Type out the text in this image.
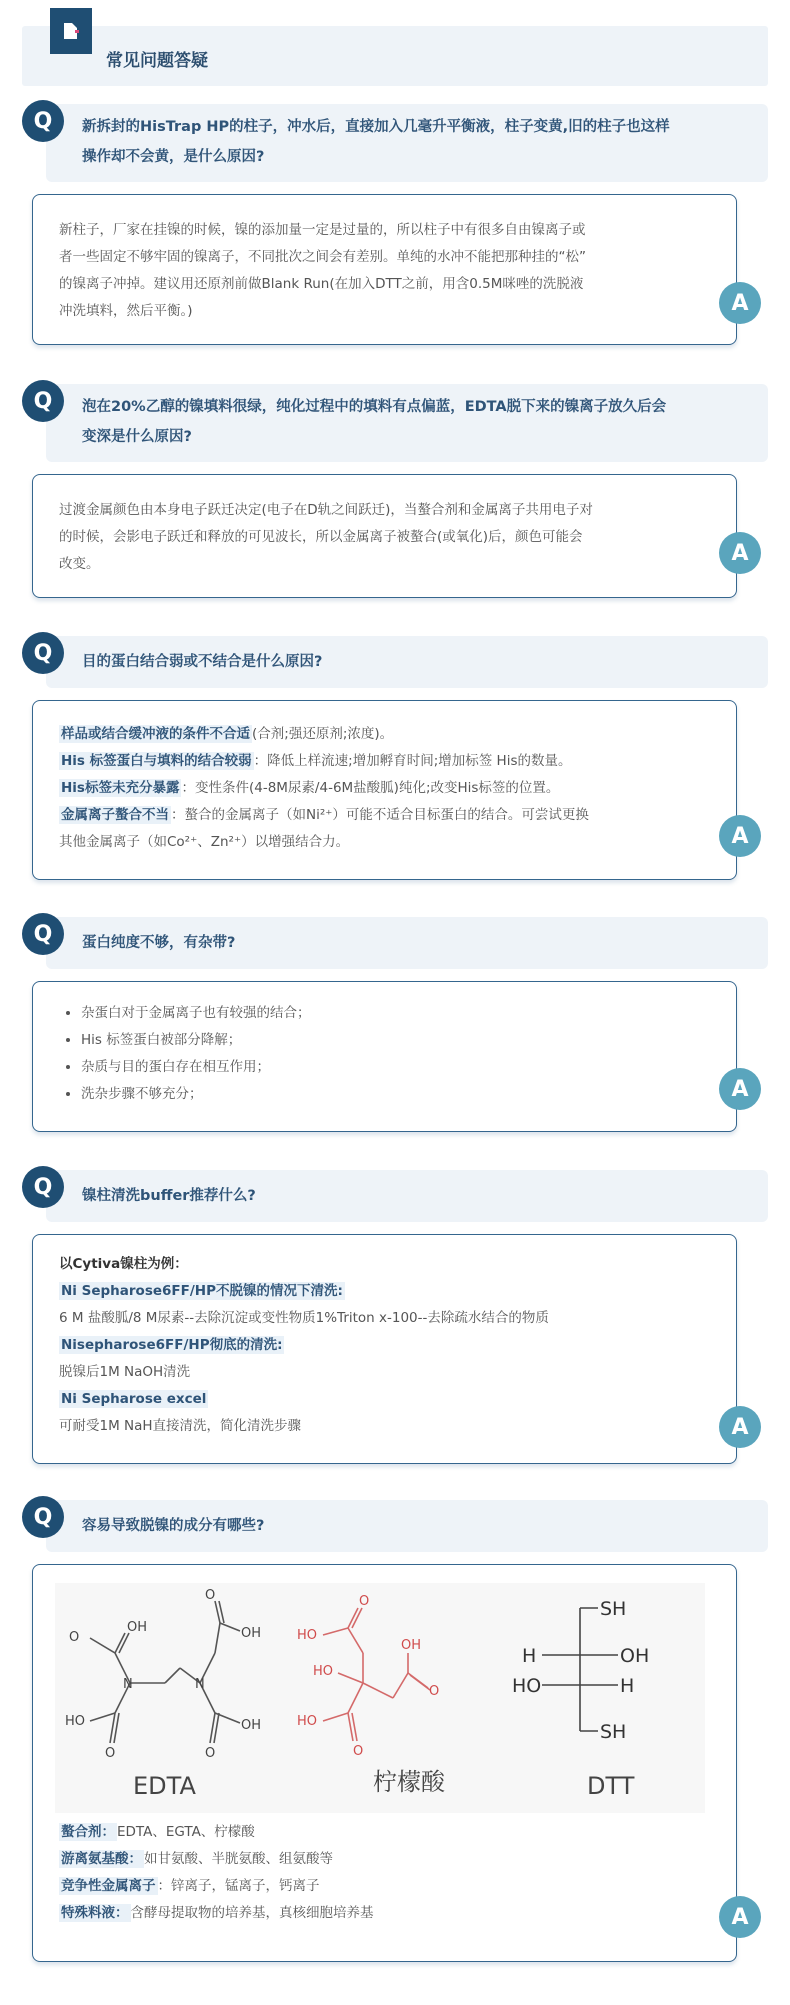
常见问题答疑
新拆封的HisTrap HP的柱子，冲水后，直接加入几毫升平衡液，柱子变黄,旧的柱子也这样
操作却不会黄，是什么原因?
Q
新柱子，厂家在挂镍的时候，镍的添加量一定是过量的，所以柱子中有很多自由镍离子或
者一些固定不够牢固的镍离子，不同批次之间会有差别。单纯的水冲不能把那种挂的“松”
的镍离子冲掉。建议用还原剂前做Blank Run(在加入DTT之前，用含0.5M咪唑的洗脱液
冲洗填料，然后平衡。)	A
泡在20%乙醇的镍填料很绿，纯化过程中的填料有点偏蓝，EDTA脱下来的镍离子放久后会
变深是什么原因?
Q
过渡金属颜色由本身电子跃迁决定(电子在D轨之间跃迁)，当螯合剂和金属离子共用电子对
的时候，会影电子跃迁和释放的可见波长，所以金属离子被螯合(或氧化)后，颜色可能会
改变。	A
目的蛋白结合弱或不结合是什么原因?
Q
样品或结合缓冲液的条件不合适 (合剂;强还原剂;浓度)。
His 标签蛋白与填料的结合较弱 ：降低上样流速;增加孵育时间;增加标签 His的数量。
His标签未充分暴露 ：变性条件(4-8M尿素/4-6M盐酸胍)纯化;改变His标签的位置。
金属离子螯合不当 ：螯合的金属离子（如Ni²⁺）可能不适合目标蛋白的结合。可尝试更换
其他金属离子（如Co²⁺、Zn²⁺）以增强结合力。	A
蛋白纯度不够，有杂带?
Q
• 杂蛋白对于金属离子也有较强的结合；
• His 标签蛋白被部分降解；
• 杂质与目的蛋白存在相互作用；
• 洗杂步骤不够充分；	A
镍柱清洗buffer推荐什么?
Q
以Cytiva镍柱为例：
Ni Sepharose6FF/HP不脱镍的情况下清洗:
6 M 盐酸胍/8 M尿素--去除沉淀或变性物质1%Triton x-100--去除疏水结合的物质
Nisepharose6FF/HP彻底的清洗:
脱镍后1M NaOH清洗
Ni Sepharose excel
可耐受1M NaH直接清洗，简化清洗步骤	A
容易导致脱镍的成分有哪些?
Q
O
OH
O
OH
N	N
HO
O
OH
O
EDTA
HO
O
HO
OH
O
HO
O
柠檬酸
SH
H	OH
HO	H
SH
DTT
螯合剂： EDTA、EGTA、柠檬酸
游离氨基酸： 如甘氨酸、半胱氨酸、组氨酸等
竞争性金属离子 ：锌离子，锰离子，钙离子
特殊料液： 含酵母提取物的培养基，真核细胞培养基	A
